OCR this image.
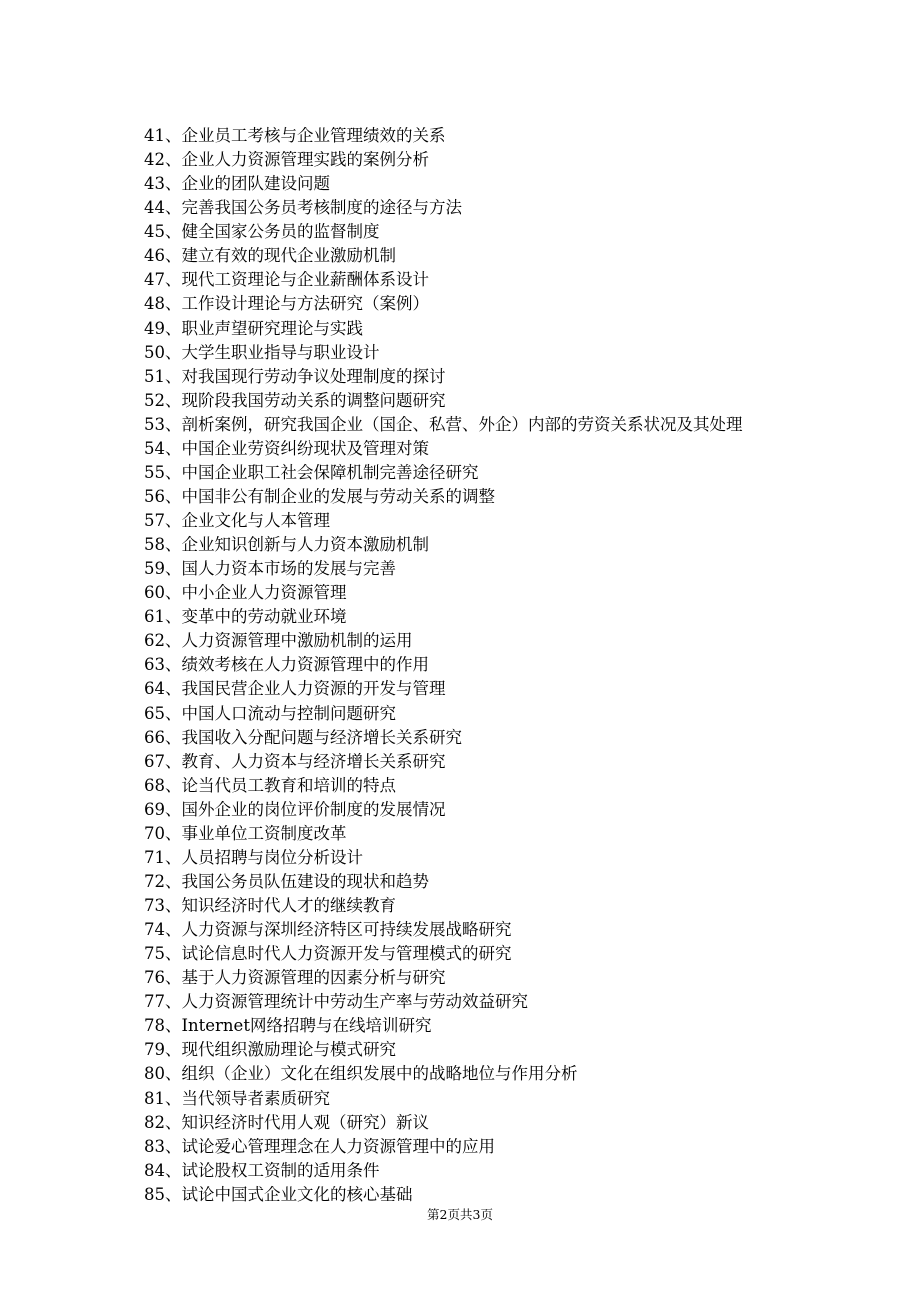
41、企业员工考核与企业管理绩效的关系
42、企业人力资源管理实践的案例分析
43、企业的团队建设问题
44、完善我国公务员考核制度的途径与方法
45、健全国家公务员的监督制度
46、建立有效的现代企业激励机制
47、现代工资理论与企业薪酬体系设计
48、工作设计理论与方法研究（案例）
49、职业声望研究理论与实践
50、大学生职业指导与职业设计
51、对我国现行劳动争议处理制度的探讨
52、现阶段我国劳动关系的调整问题研究
53、剖析案例，研究我国企业（国企、私营、外企）内部的劳资关系状况及其处理
54、中国企业劳资纠纷现状及管理对策
55、中国企业职工社会保障机制完善途径研究
56、中国非公有制企业的发展与劳动关系的调整
57、企业文化与人本管理
58、企业知识创新与人力资本激励机制
59、国人力资本市场的发展与完善
60、中小企业人力资源管理
61、变革中的劳动就业环境
62、人力资源管理中激励机制的运用
63、绩效考核在人力资源管理中的作用
64、我国民营企业人力资源的开发与管理
65、中国人口流动与控制问题研究
66、我国收入分配问题与经济增长关系研究
67、教育、人力资本与经济增长关系研究
68、论当代员工教育和培训的特点
69、国外企业的岗位评价制度的发展情况
70、事业单位工资制度改革
71、人员招聘与岗位分析设计
72、我国公务员队伍建设的现状和趋势
73、知识经济时代人才的继续教育
74、人力资源与深圳经济特区可持续发展战略研究
75、试论信息时代人力资源开发与管理模式的研究
76、基于人力资源管理的因素分析与研究
77、人力资源管理统计中劳动生产率与劳动效益研究
78、Internet网络招聘与在线培训研究
79、现代组织激励理论与模式研究
80、组织（企业）文化在组织发展中的战略地位与作用分析
81、当代领导者素质研究
82、知识经济时代用人观（研究）新议
83、试论爱心管理理念在人力资源管理中的应用
84、试论股权工资制的适用条件
85、试论中国式企业文化的核心基础
第2页共3页
